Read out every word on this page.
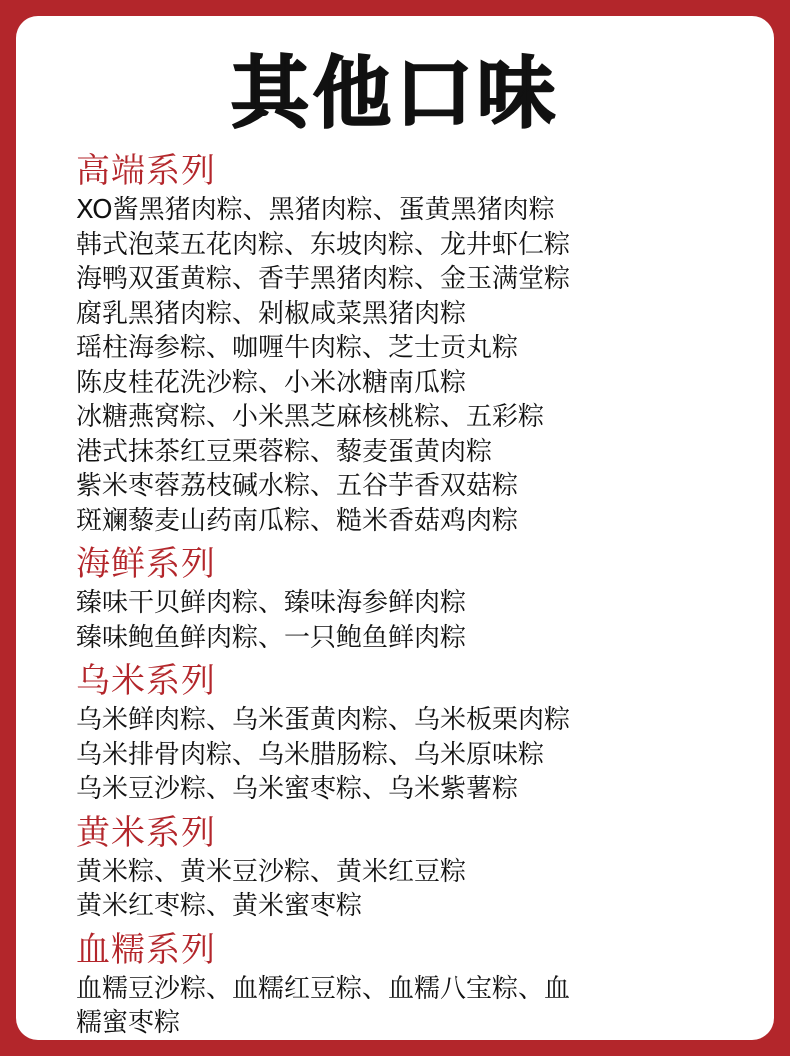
其他口味

高端系列

XO酱黑猪肉粽、黑猪肉粽、蛋黄黑猪肉粽

韩式泡菜五花肉粽、东坡肉粽、龙井虾仁粽

海鸭双蛋黄粽、香芋黑猪肉粽、金玉满堂粽

腐乳黑猪肉粽、剁椒咸菜黑猪肉粽

瑶柱海参粽、咖喱牛肉粽、芝士贡丸粽

陈皮桂花洗沙粽、小米冰糖南瓜粽

冰糖燕窝粽、小米黑芝麻核桃粽、五彩粽

港式抹茶红豆栗蓉粽、藜麦蛋黄肉粽

紫米枣蓉荔枝碱水粽、五谷芋香双菇粽

斑斓藜麦山药南瓜粽、糙米香菇鸡肉粽

海鲜系列

臻味干贝鲜肉粽、臻味海参鲜肉粽

臻味鲍鱼鲜肉粽、一只鲍鱼鲜肉粽

乌米系列

乌米鲜肉粽、乌米蛋黄肉粽、乌米板栗肉粽

乌米排骨肉粽、乌米腊肠粽、乌米原味粽

乌米豆沙粽、乌米蜜枣粽、乌米紫薯粽

黄米系列

黄米粽、黄米豆沙粽、黄米红豆粽

黄米红枣粽、黄米蜜枣粽

血糯系列

血糯豆沙粽、血糯红豆粽、血糯八宝粽、血

糯蜜枣粽
